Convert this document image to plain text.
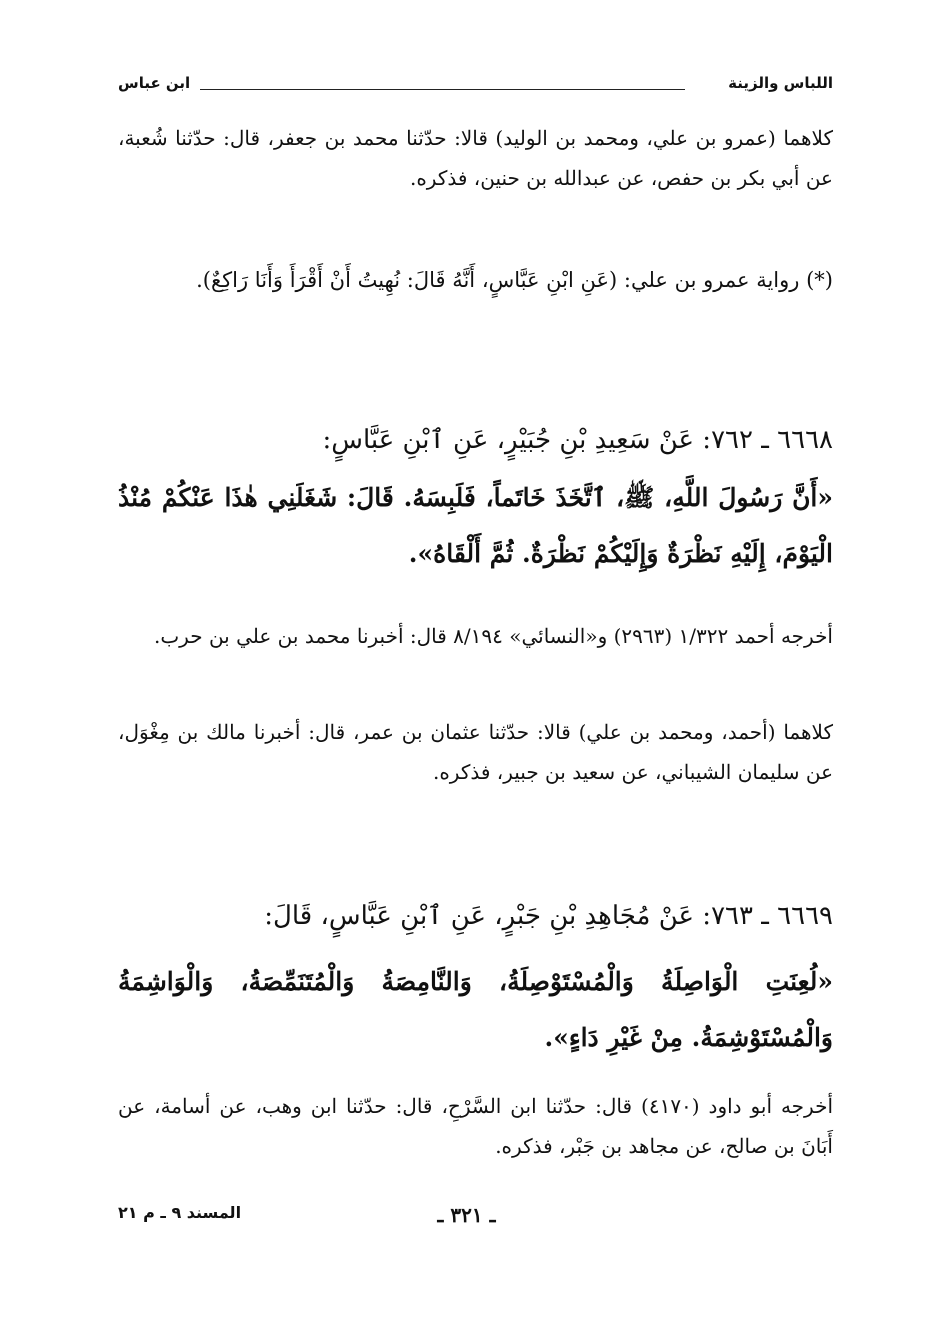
اللباس والزينة
ابن عباس

كلاهما (عمرو بن علي، ومحمد بن الوليد) قالا: حدّثنا محمد بن جعفر، قال: حدّثنا شُعبة، عن أبي بكر بن حفص، عن عبدالله بن حنين، فذكره.

(*) رواية عمرو بن علي: (عَنِ ابْنِ عَبَّاسٍ، أَنَّهُ قَالَ: نُهِيتُ أَنْ أَقْرَأَ وَأَنَا رَاكِعٌ).

٦٦٦٨ ـ ٧٦٢: عَنْ سَعِيدِ بْنِ جُبَيْرٍ، عَنِ ٱبْنِ عَبَّاسٍ:

«أَنَّ رَسُولَ اللَّهِ، ﷺ، ٱتَّخَذَ خَاتَماً، فَلَبِسَهُ. قَالَ: شَغَلَنِي هٰذَا عَنْكُمْ مُنْذُ الْيَوْمَ، إِلَيْهِ نَظْرَةٌ وَإِلَيْكُمْ نَظْرَةٌ. ثُمَّ أَلْقَاهُ».

أخرجه أحمد ١/٣٢٢ (٢٩٦٣) و«النسائي» ٨/١٩٤ قال: أخبرنا محمد بن علي بن حرب.

كلاهما (أحمد، ومحمد بن علي) قالا: حدّثنا عثمان بن عمر، قال: أخبرنا مالك بن مِغْوَل، عن سليمان الشيباني، عن سعيد بن جبير، فذكره.

٦٦٦٩ ـ ٧٦٣: عَنْ مُجَاهِدِ بْنِ جَبْرٍ، عَنِ ٱبْنِ عَبَّاسٍ، قَالَ:

«لُعِنَتِ الْوَاصِلَةُ وَالْمُسْتَوْصِلَةُ، وَالنَّامِصَةُ وَالْمُتَنَمِّصَةُ، وَالْوَاشِمَةُ وَالْمُسْتَوْشِمَةُ. مِنْ غَيْرِ دَاءٍ».

أخرجه أبو داود (٤١٧٠) قال: حدّثنا ابن السَّرْحِ، قال: حدّثنا ابن وهب، عن أسامة، عن أَبَانَ بن صالح، عن مجاهد بن جَبْر، فذكره.

ـ ٣٢١ ـ
المسند ٩ ـ م ٢١
